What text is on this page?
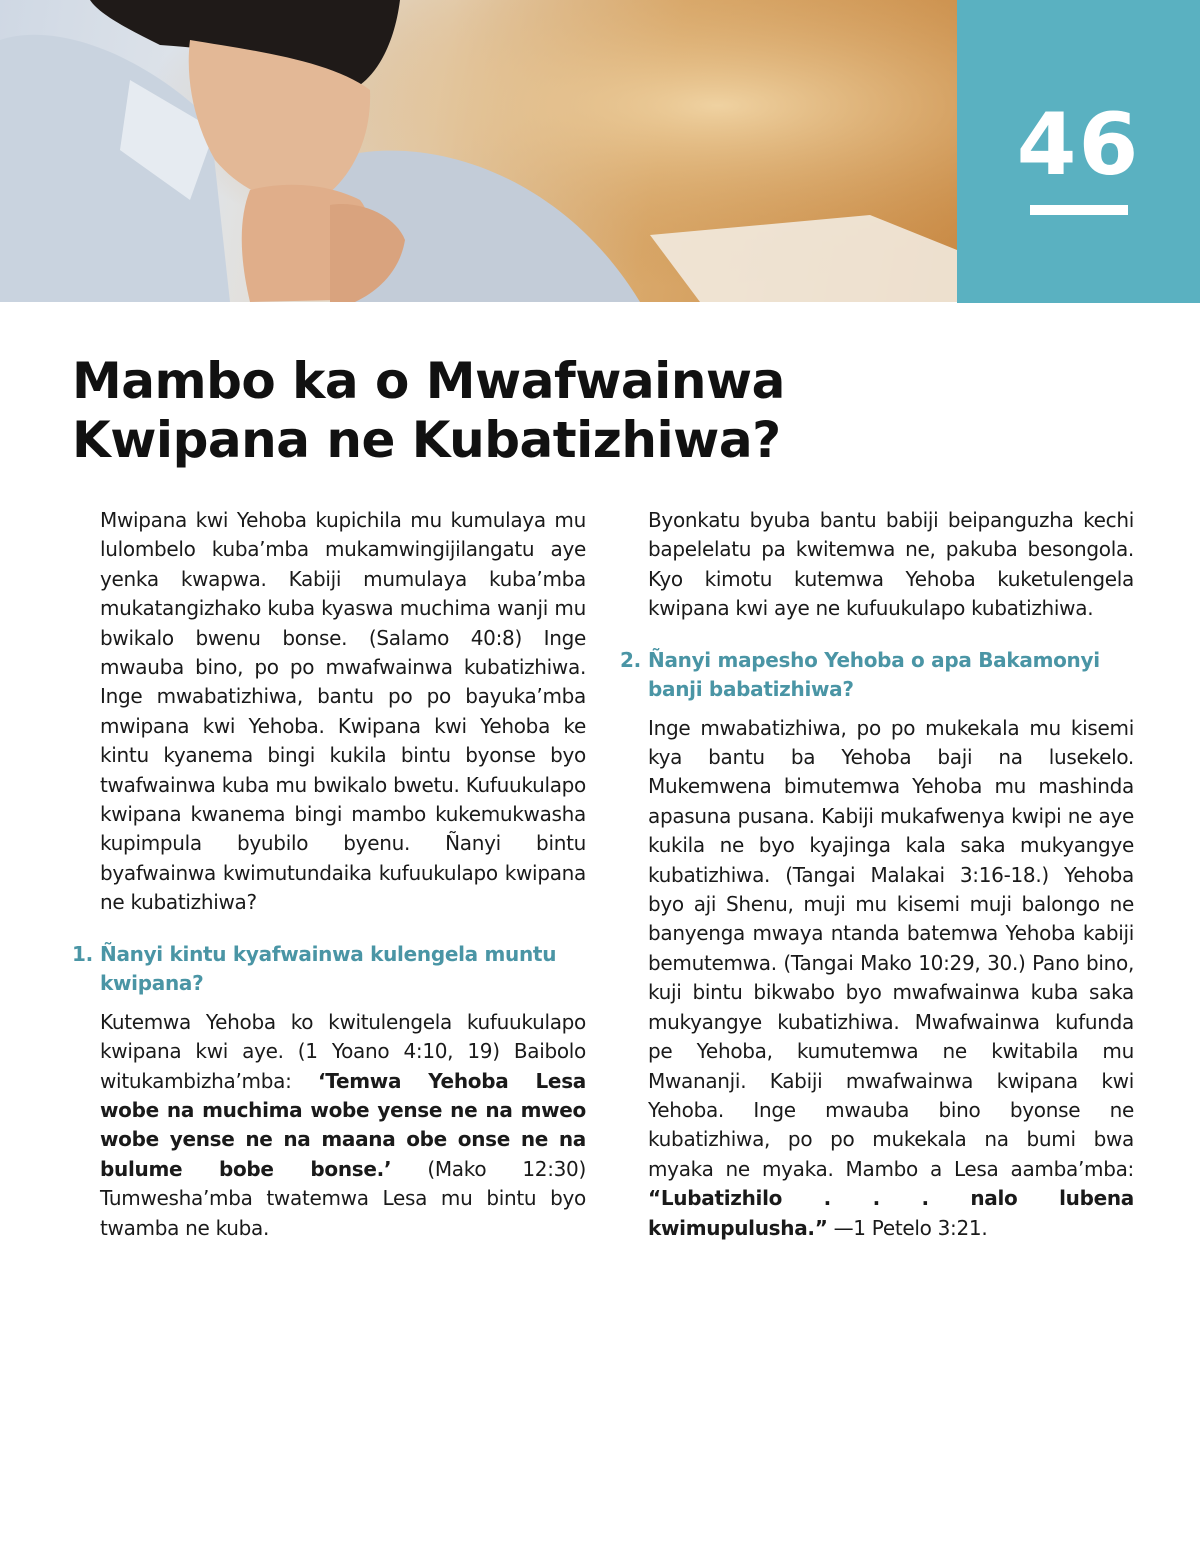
46
Mambo ka o Mwafwainwa
Kwipana ne Kubatizhiwa?

Mwipana kwi Yehoba kupichila mu kumulaya mu lulombelo kuba’mba mukamwingijilangatu aye yenka kwapwa. Kabiji mumulaya kuba’mba mukatangizhako kuba kyaswa muchima wanji mu bwikalo bwenu bonse. (Salamo 40:8) Inge mwauba bino, po po mwafwainwa kubatizhiwa. Inge mwabatizhiwa, bantu po po bayuka’mba mwipana kwi Yehoba. Kwipana kwi Yehoba ke kintu kyanema bingi kukila bintu byonse byo twafwainwa kuba mu bwikalo bwetu. Kufuukulapo kwipana kwanema bingi mambo kukemukwasha kupimpula byubilo byenu. Ñanyi bintu byafwainwa kwimutundaika kufuukulapo kwipana ne kubatizhiwa?

1. Ñanyi kintu kyafwainwa kulengela muntu kwipana?

Kutemwa Yehoba ko kwitulengela kufuukulapo kwipana kwi aye. (1 Yoano 4:10, 19) Baibolo witukambizha’mba: ‘Temwa Yehoba Lesa wobe na muchima wobe yense ne na mweo wobe yense ne na maana obe onse ne na bulume bobe bonse.’ (Mako 12:30) Tumwesha’mba twatemwa Lesa mu bintu byo twamba ne kuba.

Byonkatu byuba bantu babiji beipanguzha kechi bapelelatu pa kwitemwa ne, pakuba besongola. Kyo kimotu kutemwa Yehoba kuketulengela kwipana kwi aye ne kufuukulapo kubatizhiwa.

2. Ñanyi mapesho Yehoba o apa Bakamonyi banji babatizhiwa?

Inge mwabatizhiwa, po po mukekala mu kisemi kya bantu ba Yehoba baji na lusekelo. Mukemwena bimutemwa Yehoba mu mashinda apasuna pusana. Kabiji mukafwenya kwipi ne aye kukila ne byo kyajinga kala saka mukyangye kubatizhiwa. (Tangai Malakai 3:16-18.) Yehoba byo aji Shenu, muji mu kisemi muji balongo ne banyenga mwaya ntanda batemwa Yehoba kabiji bemutemwa. (Tangai Mako 10:29, 30.) Pano bino, kuji bintu bikwabo byo mwafwainwa kuba saka mukyangye kubatizhiwa. Mwafwainwa kufunda pe Yehoba, kumutemwa ne kwitabila mu Mwananji. Kabiji mwafwainwa kwipana kwi Yehoba. Inge mwauba bino byonse ne kubatizhiwa, po po mukekala na bumi bwa myaka ne myaka. Mambo a Lesa aamba’mba: “Lubatizhilo . . . nalo lubena kwimupulusha.” —1 Petelo 3:21.
